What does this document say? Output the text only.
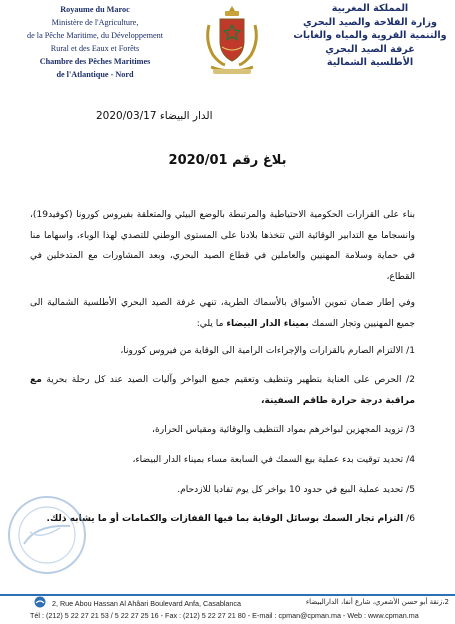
Royaume du Maroc
Ministère de l'Agriculture,
de la Pêche Maritime, du Développement
Rural et des Eaux et Forêts
Chambre des Pêches Maritimes
de l'Atlantique - Nord
المملكة المغربية
وزارة الفلاحة والصيد البحري
والتنمية القروية والمياه والغابات
غرفة الصيد البحري
الأطلسية الشمالية
الدار البيضاء 2020/03/17
بلاغ رقم 2020/01

بناء على القرارات الحكومية الاحتياطية والمرتبطة بالوضع البيئي والمتعلقة بفيروس كورونا (كوفيد19)، وانسجاما مع التدابير الوقائية التي تتخذها بلادنا على المستوى الوطني للتصدي لهذا الوباء، واسهاما منا في حماية وسلامة المهنيين والعاملين في قطاع الصيد البحري، وبعد المشاورات مع المتدخلين في القطاع،

وفي إطار ضمان تموين الأسواق بالأسماك الطرية، تنهي غرفة الصيد البحري الأطلسية الشمالية الى جميع المهنيين وتجار السمك بميناء الدار البيضاء ما يلي:

1/ الالتزام الصارم بالقرارات والإجراءات الرامية الى الوقاية من فيروس كورونا،

2/ الحرص على العناية بتطهير وتنظيف وتعقيم جميع البواخر وآليات الصيد عند كل رحلة بحرية مع مراقبة درجة حرارة طاقم السفينة،

3/ تزويد المجهزين لبواخرهم بمواد التنظيف والوقائية ومقياس الحرارة،

4/ تحديد توقيت بدء عملية بيع السمك في السابعة مساء بميناء الدار البيضاء،

5/ تحديد عملية البيع في حدود 10 بواخر كل يوم تفاديا للازدحام.

6/ التزام تجار السمك بوسائل الوقاية بما فيها القفازات والكمامات أو ما يشابه ذلك.

2, Rue Abou Hassan Al Ahâari Boulevard Anfa, Casablanca	2،زنقة أبو حسن الأشعري، شارع أنفا، الدارالبيضاء
Tél : (212) 5 22 27 21 53 / 5 22 27 25 16 - Fax : (212) 5 22 27 21 80 - E-mail : cpman@cpman.ma - Web : www.cpman.ma
